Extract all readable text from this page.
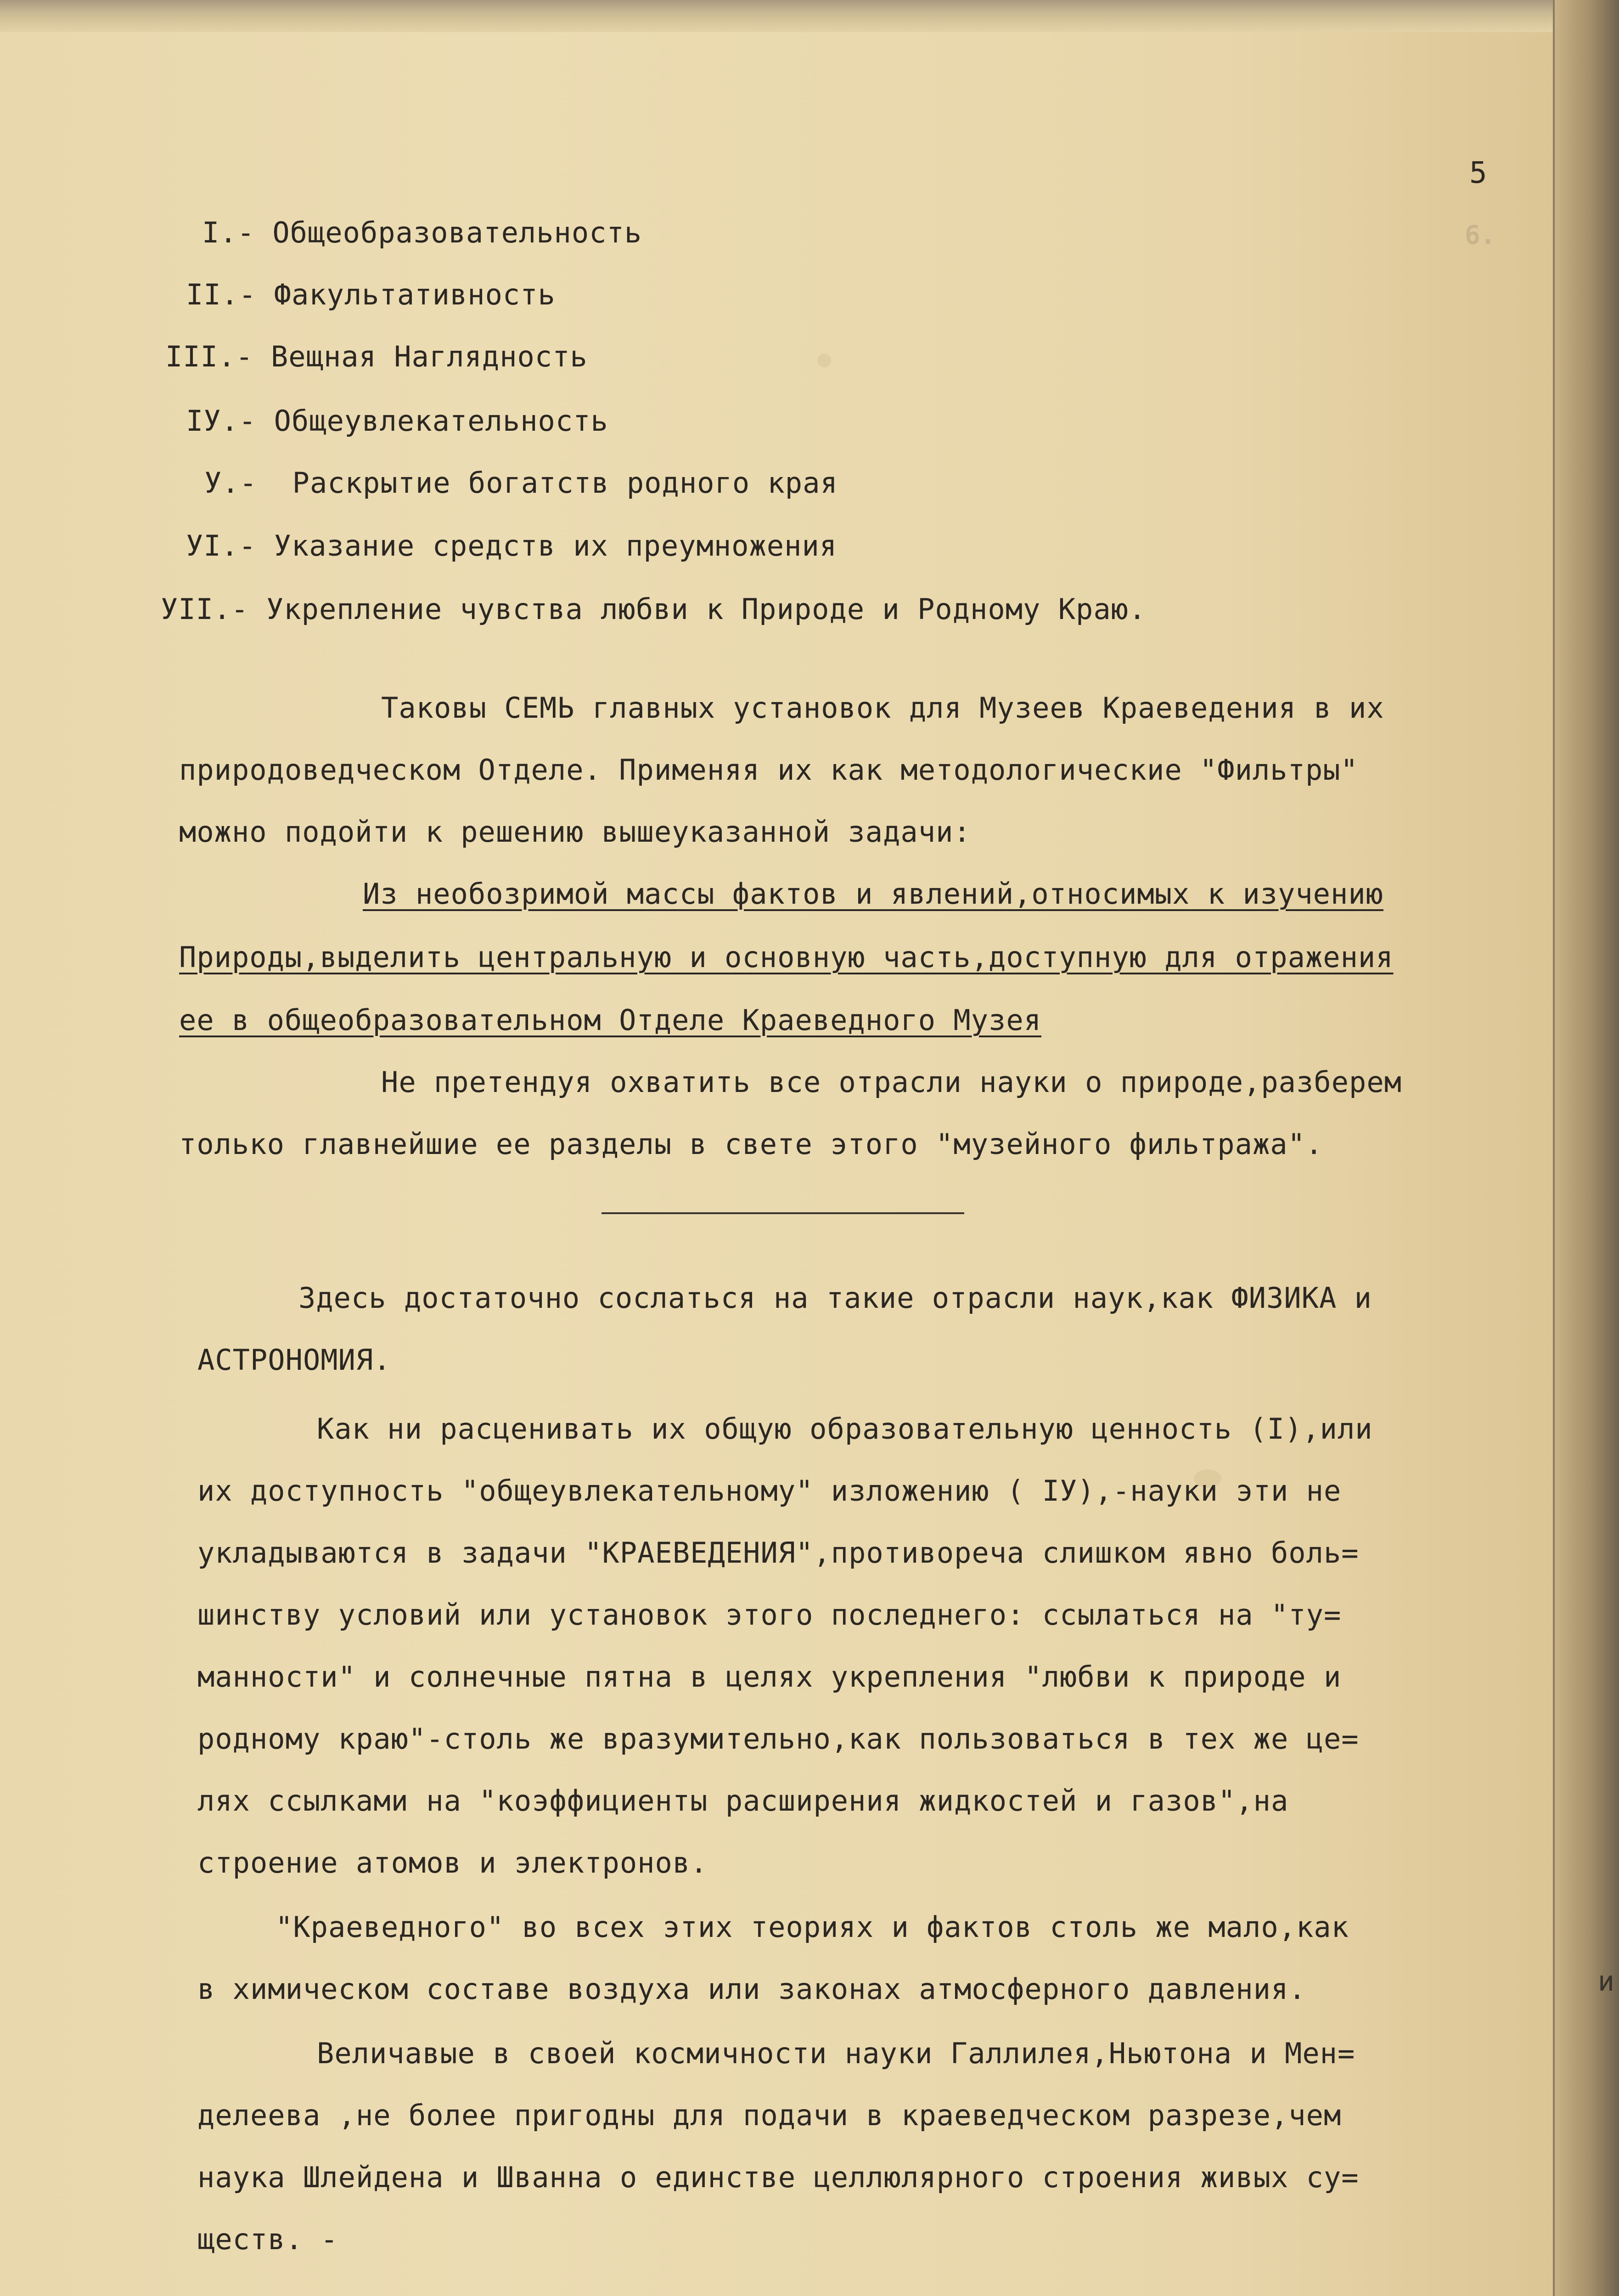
и
6.
5
I.- Общеобразовательность
II.- Факультативность
III.- Вещная Наглядность
IУ.- Общеувлекательность
У.- Раскрытие богатств родного края
УI.- Указание средств их преумножения
УII.- Укрепление чувства любви к Природе и Родному Краю.
Таковы СЕМЬ главных установок для Музеев Краеведения в их
природоведческом Отделе. Применяя их как методологические "Фильтры"
можно подойти к решению вышеуказанной задачи:
Из необозримой массы фактов и явлений,относимых к изучению
Природы,выделить центральную и основную часть,доступную для отражения
ее в общеобразовательном Отделе Краеведного Музея
Не претендуя охватить все отрасли науки о природе,разберем
только главнейшие ее разделы в свете этого "музейного фильтража".
Здесь достаточно сослаться на такие отрасли наук,как ФИЗИКА и
АСТРОНОМИЯ.
Как ни расценивать их общую образовательную ценность (I),или
их доступность "общеувлекательному" изложению ( IУ),-науки эти не
укладываются в задачи "КРАЕВЕДЕНИЯ",противореча слишком явно боль=
шинству условий или установок этого последнего: ссылаться на "ту=
манности" и солнечные пятна в целях укрепления "любви к природе и
родному краю"-столь же вразумительно,как пользоваться в тех же це=
лях ссылками на "коэффициенты расширения жидкостей и газов",на
строение атомов и электронов.
"Краеведного" во всех этих теориях и фактов столь же мало,как
в химическом составе воздуха или законах атмосферного давления.
Величавые в своей космичности науки Галлилея,Ньютона и Мен=
делеева ,не более пригодны для подачи в краеведческом разрезе,чем
наука Шлейдена и Шванна о единстве целлюлярного строения живых су=
ществ. -
